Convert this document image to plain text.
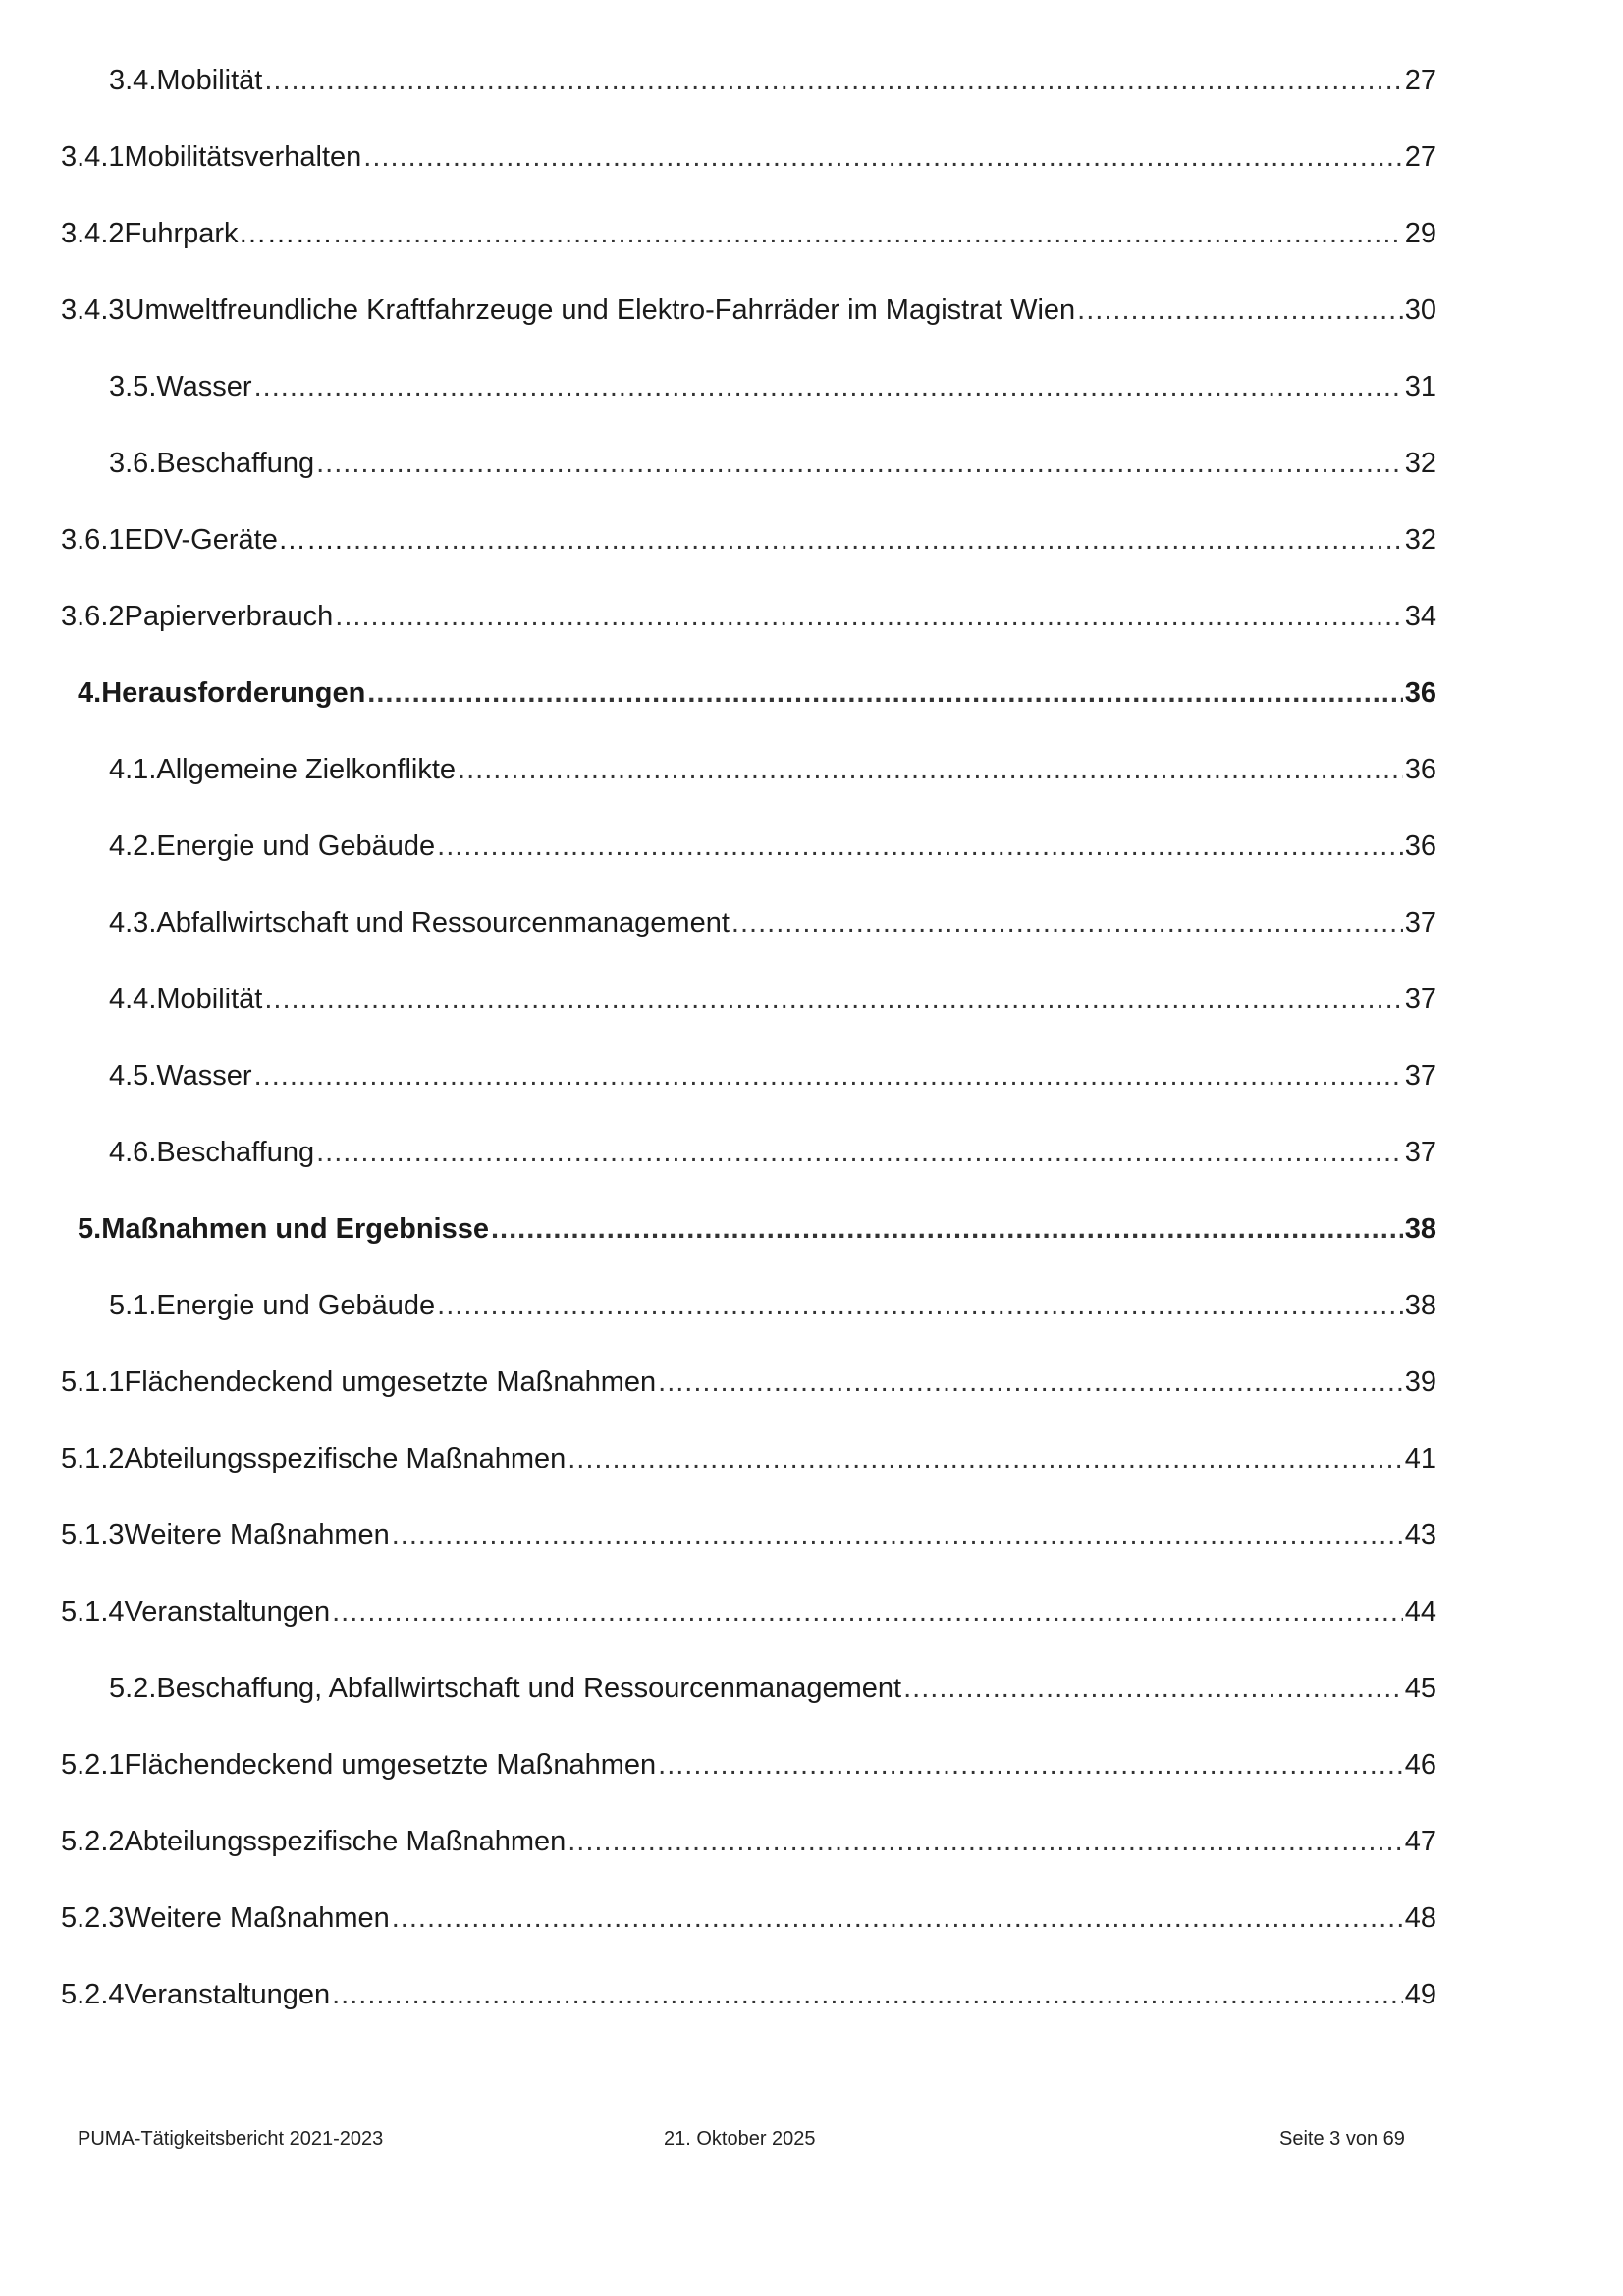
3.4. Mobilität .....	27
3.4.1 Mobilitätsverhalten .....	27
3.4.2 Fuhrpark………. .....	29
3.4.3 Umweltfreundliche Kraftfahrzeuge und Elektro-Fahrräder im Magistrat Wien .....	30
3.5. Wasser .....	31
3.6. Beschaffung .....	32
3.6.1 EDV-Geräte……. .....	32
3.6.2 Papierverbrauch .....	34
4. Herausforderungen .....	36
4.1. Allgemeine Zielkonflikte .....	36
4.2. Energie und Gebäude .....	36
4.3. Abfallwirtschaft und Ressourcenmanagement .....	37
4.4. Mobilität .....	37
4.5. Wasser .....	37
4.6. Beschaffung .....	37
5. Maßnahmen und Ergebnisse .....	38
5.1. Energie und Gebäude .....	38
5.1.1 Flächendeckend umgesetzte Maßnahmen .....	39
5.1.2 Abteilungsspezifische Maßnahmen .....	41
5.1.3 Weitere Maßnahmen .....	43
5.1.4 Veranstaltungen .....	44
5.2. Beschaffung, Abfallwirtschaft und Ressourcenmanagement .....	45
5.2.1 Flächendeckend umgesetzte Maßnahmen .....	46
5.2.2 Abteilungsspezifische Maßnahmen .....	47
5.2.3 Weitere Maßnahmen .....	48
5.2.4 Veranstaltungen .....	49
PUMA-Tätigkeitsbericht 2021-2023	21. Oktober 2025	Seite 3 von 69
